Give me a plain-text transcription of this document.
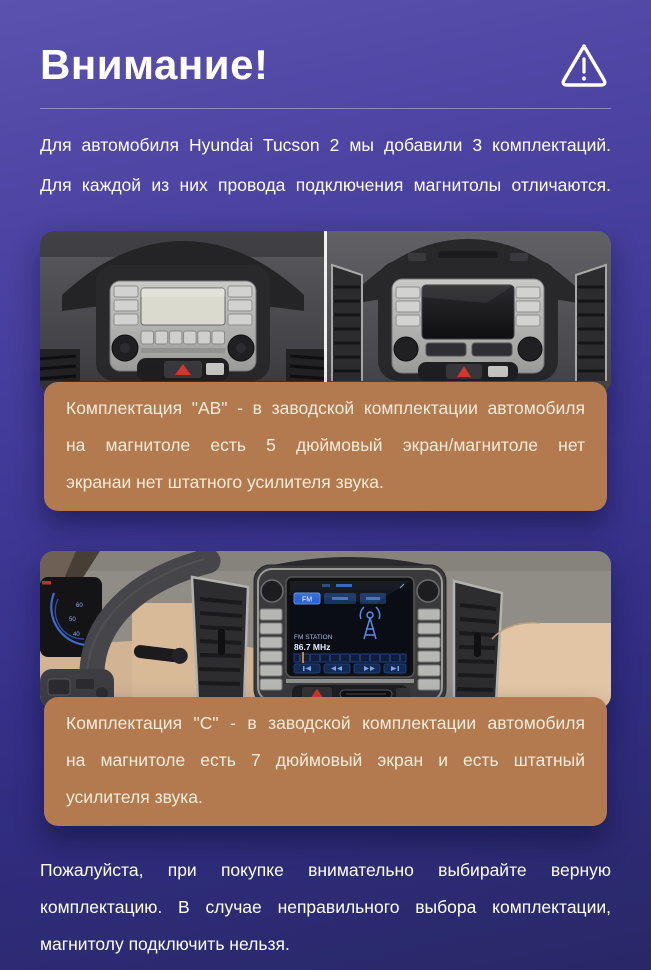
Внимание!
Для автомобиля Hyundai Tucson 2 мы добавили 3 комплектаций.
Для каждой из них провода подключения магнитолы отличаются.
Комплектация "AB" - в заводской комплектации автомобиля
на магнитоле есть 5 дюймовый экран/магнитоле нет
экранаи нет штатного усилителя звука.
60
50
40
FM
FM STATION
86.7 MHz
Комплектация "C" - в заводской комплектации автомобиля
на магнитоле есть 7 дюймовый экран и есть штатный
усилителя звука.
Пожалуйста, при покупке внимательно выбирайте верную
комплектацию. В случае неправильного выбора комплектации,
магнитолу подключить нельзя.
